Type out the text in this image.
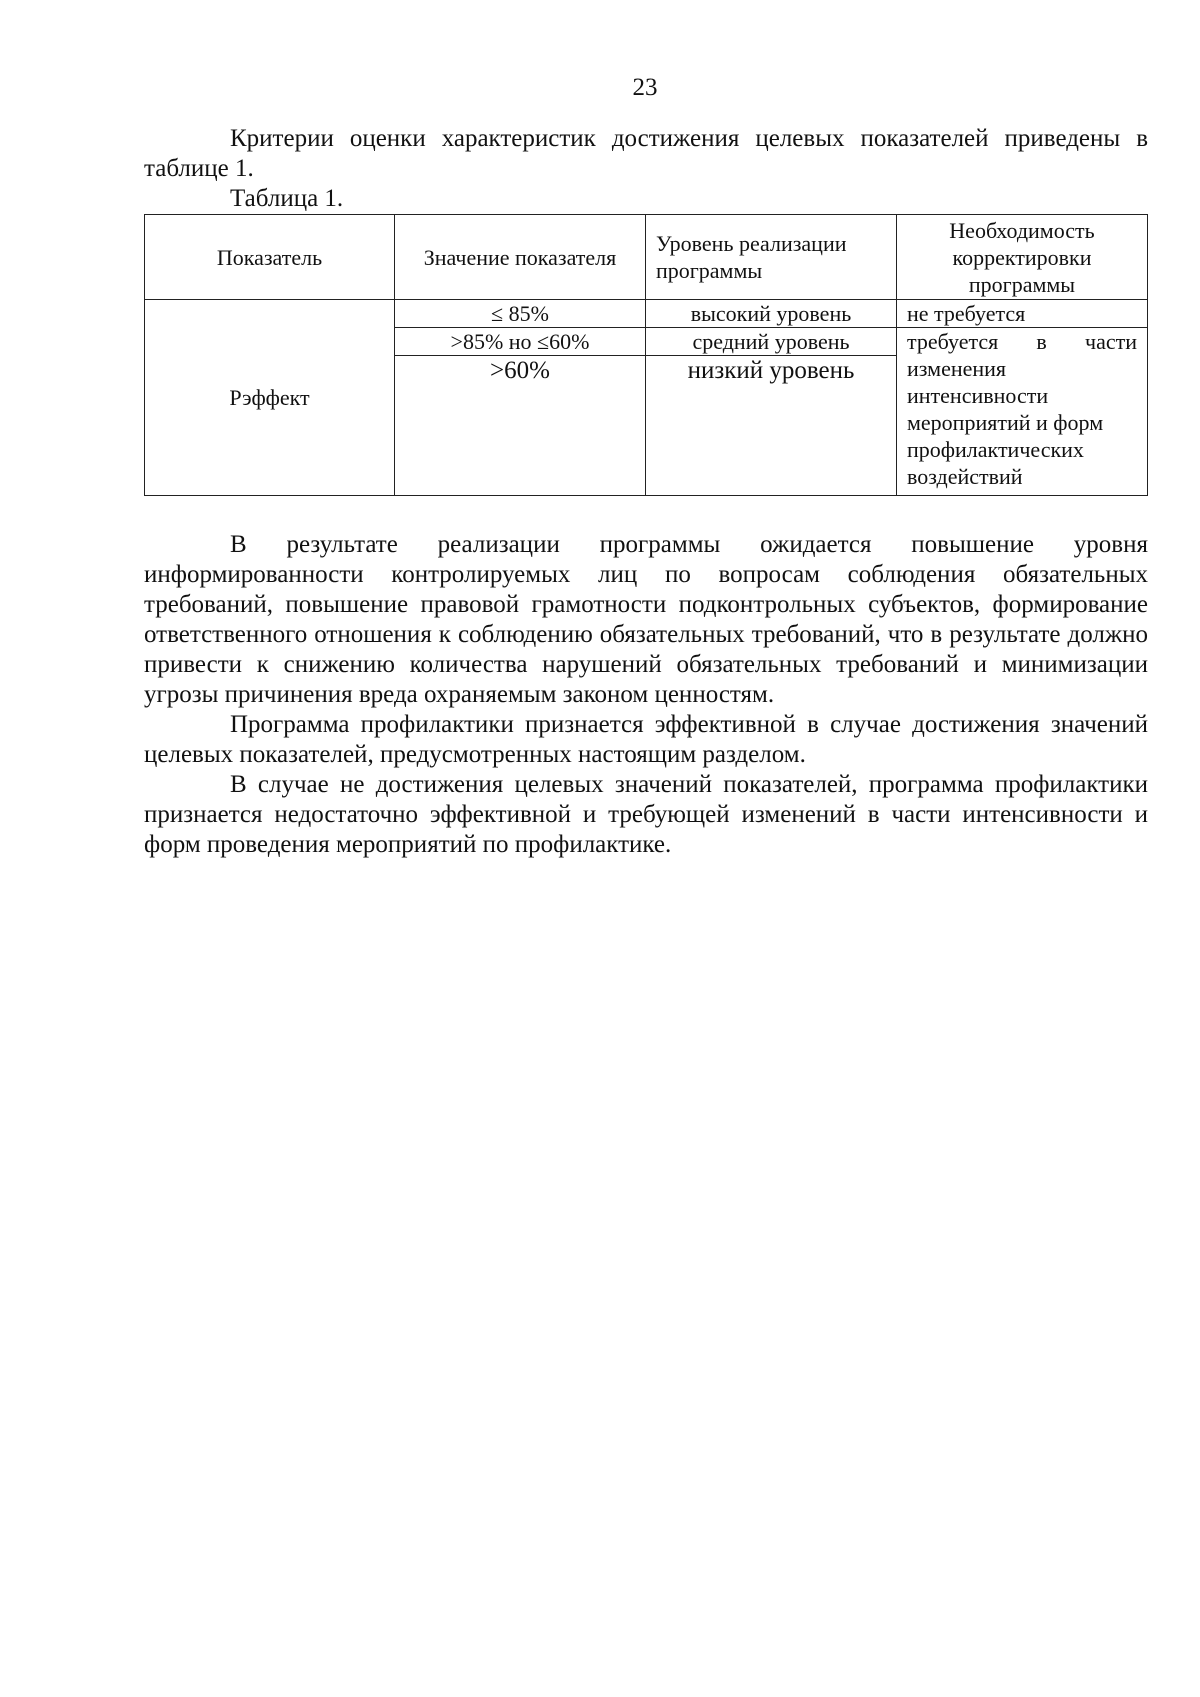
23

Критерии оценки характеристик достижения целевых показателей приведены в таблице 1.

Таблица 1.
Показатель	Значение показателя	Уровень реализации программы	Необходимость корректировки программы
Рэффект	≤ 85%	высокий уровень	не требуется
	>85% но ≤60%	средний уровень	требуется в части
изменения интенсивности мероприятий и форм профилактических воздействий
	>60%	низкий уровень	

В результате реализации программы ожидается повышение уровня информированности контролируемых лиц по вопросам соблюдения обязательных требований, повышение правовой грамотности подконтрольных субъектов, формирование ответственного отношения к соблюдению обязательных требований, что в результате должно привести к снижению количества нарушений обязательных требований и минимизации угрозы причинения вреда охраняемым законом ценностям.

Программа профилактики признается эффективной в случае достижения значений целевых показателей, предусмотренных настоящим разделом.

В случае не достижения целевых значений показателей, программа профилактики признается недостаточно эффективной и требующей изменений в части интенсивности и форм проведения мероприятий по профилактике.
